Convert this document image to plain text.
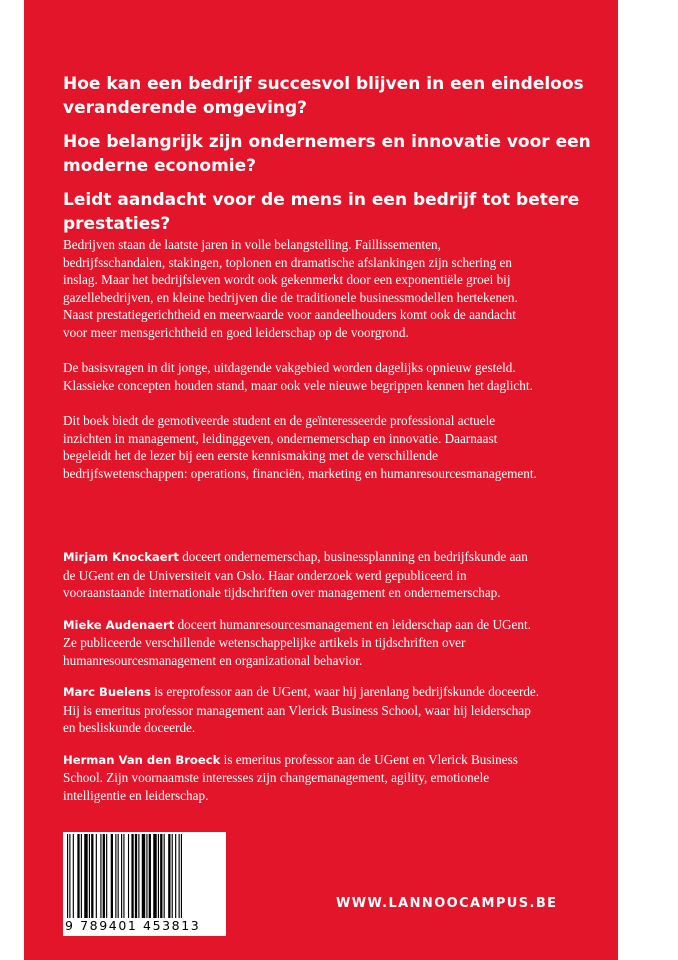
Hoe kan een bedrijf succesvol blijven in een eindeloos veranderende omgeving?

Hoe belangrijk zijn ondernemers en innovatie voor een moderne economie?

Leidt aandacht voor de mens in een bedrijf tot betere prestaties?

Bedrijven staan de laatste jaren in volle belangstelling. Faillissementen, bedrijfsschandalen, stakingen, toplonen en dramatische afslankingen zijn schering en inslag. Maar het bedrijfsleven wordt ook gekenmerkt door een exponentiële groei bij gazellebedrijven, en kleine bedrijven die de traditionele businessmodellen hertekenen. Naast prestatiegerichtheid en meerwaarde voor aandeelhouders komt ook de aandacht voor meer mensgerichtheid en goed leiderschap op de voorgrond.

De basisvragen in dit jonge, uitdagende vakgebied worden dagelijks opnieuw gesteld. Klassieke concepten houden stand, maar ook vele nieuwe begrippen kennen het daglicht.

Dit boek biedt de gemotiveerde student en de geïnteresseerde professional actuele inzichten in management, leidinggeven, ondernemerschap en innovatie. Daarnaast begeleidt het de lezer bij een eerste kennismaking met de verschillende bedrijfswetenschappen: operations, financiën, marketing en humanresourcesmanagement.

Mirjam Knockaert doceert ondernemerschap, businessplanning en bedrijfskunde aan de UGent en de Universiteit van Oslo. Haar onderzoek werd gepubliceerd in vooraanstaande internationale tijdschriften over management en ondernemerschap.

Mieke Audenaert doceert humanresourcesmanagement en leiderschap aan de UGent. Ze publiceerde verschillende wetenschappelijke artikels in tijdschriften over humanresourcesmanagement en organizational behavior.

Marc Buelens is ereprofessor aan de UGent, waar hij jarenlang bedrijfskunde doceerde. Hij is emeritus professor management aan Vlerick Business School, waar hij leiderschap en besliskunde doceerde.

Herman Van den Broeck is emeritus professor aan de UGent en Vlerick Business School. Zijn voornaamste interesses zijn changemanagement, agility, emotionele intelligentie en leiderschap.

9 789401 453813
WWW.LANNOOCAMPUS.BE
